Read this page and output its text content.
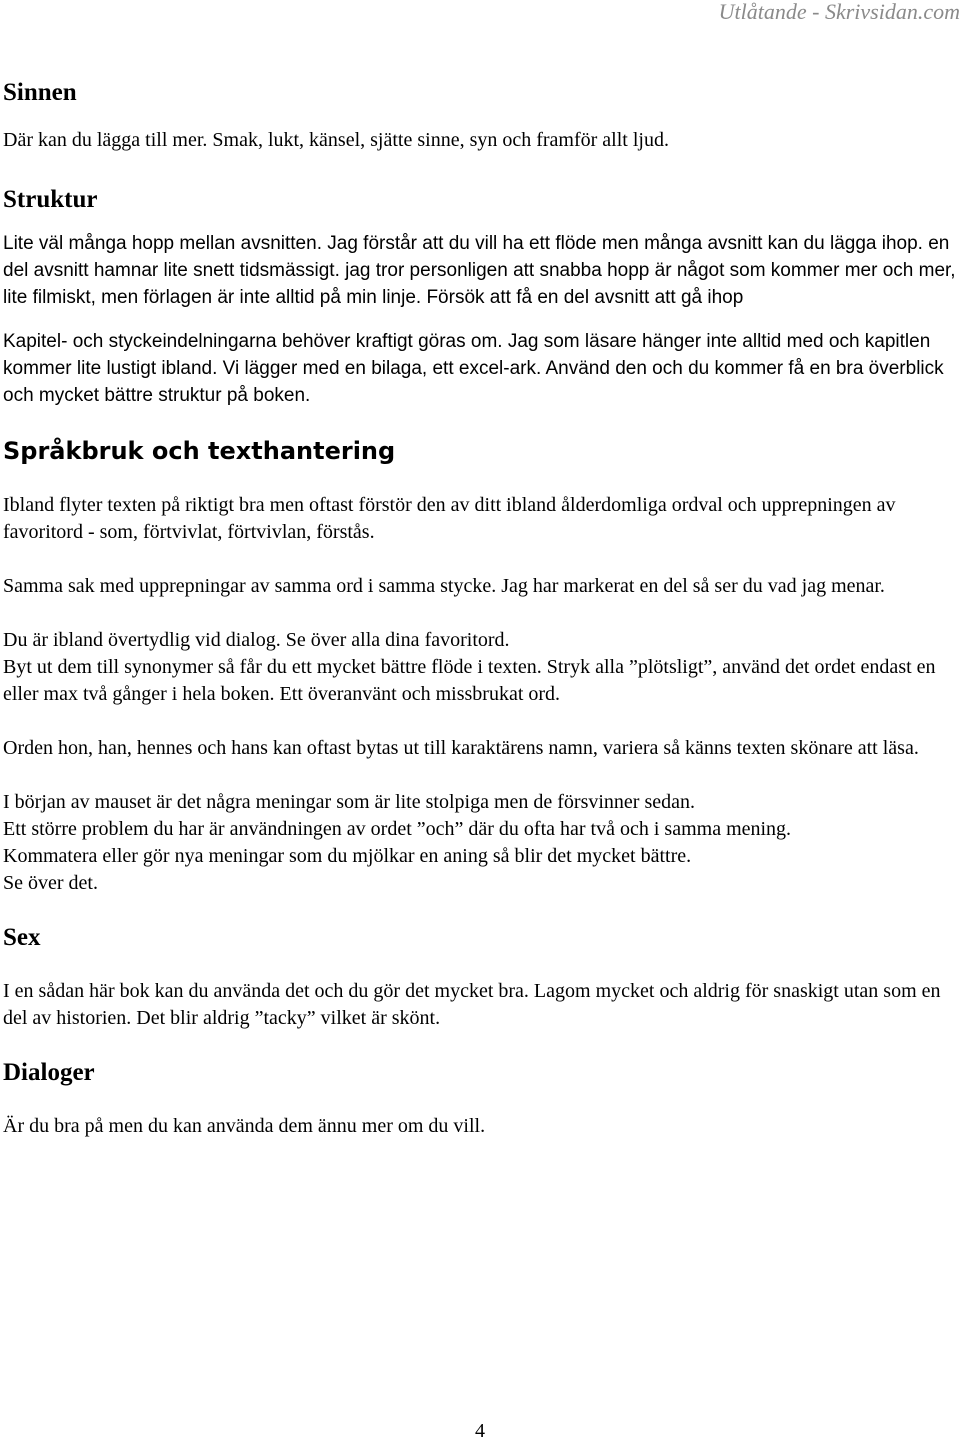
Utlåtande - Skrivsidan.com
Sinnen

Där kan du lägga till mer. Smak, lukt, känsel, sjätte sinne, syn och framför allt ljud.

Struktur

Lite väl många hopp mellan avsnitten. Jag förstår att du vill ha ett flöde men många avsnitt kan du lägga ihop. en del avsnitt hamnar lite snett tidsmässigt. jag tror personligen att snabba hopp är något som kommer mer och mer, lite filmiskt, men förlagen är inte alltid på min linje. Försök att få en del avsnitt att gå ihop

Kapitel- och styckeindelningarna behöver kraftigt göras om. Jag som läsare hänger inte alltid med och kapitlen kommer lite lustigt ibland. Vi lägger med en bilaga, ett excel-ark. Använd den och du kommer få en bra överblick och mycket bättre struktur på boken.

Språkbruk och texthantering

Ibland flyter texten på riktigt bra men oftast förstör den av ditt ibland ålderdomliga ordval och upprepningen av favoritord - som, förtvivlat, förtvivlan, förstås.

Samma sak med upprepningar av samma ord i samma stycke. Jag har markerat en del så ser du vad jag menar.

Du är ibland övertydlig vid dialog. Se över alla dina favoritord.

Byt ut dem till synonymer så får du ett mycket bättre flöde i texten. Stryk alla ”plötsligt”, använd det ordet endast en eller max två gånger i hela boken. Ett överanvänt och missbrukat ord.

Orden hon, han, hennes och hans kan oftast bytas ut till karaktärens namn, variera så känns texten skönare att läsa.

I början av mauset är det några meningar som är lite stolpiga men de försvinner sedan.

Ett större problem du har är användningen av ordet ”och” där du ofta har två och i samma mening.

Kommatera eller gör nya meningar som du mjölkar en aning så blir det mycket bättre.

Se över det.

Sex

I en sådan här bok kan du använda det och du gör det mycket bra. Lagom mycket och aldrig för snaskigt utan som en del av historien. Det blir aldrig ”tacky” vilket är skönt.

Dialoger

Är du bra på men du kan använda dem ännu mer om du vill.

4
